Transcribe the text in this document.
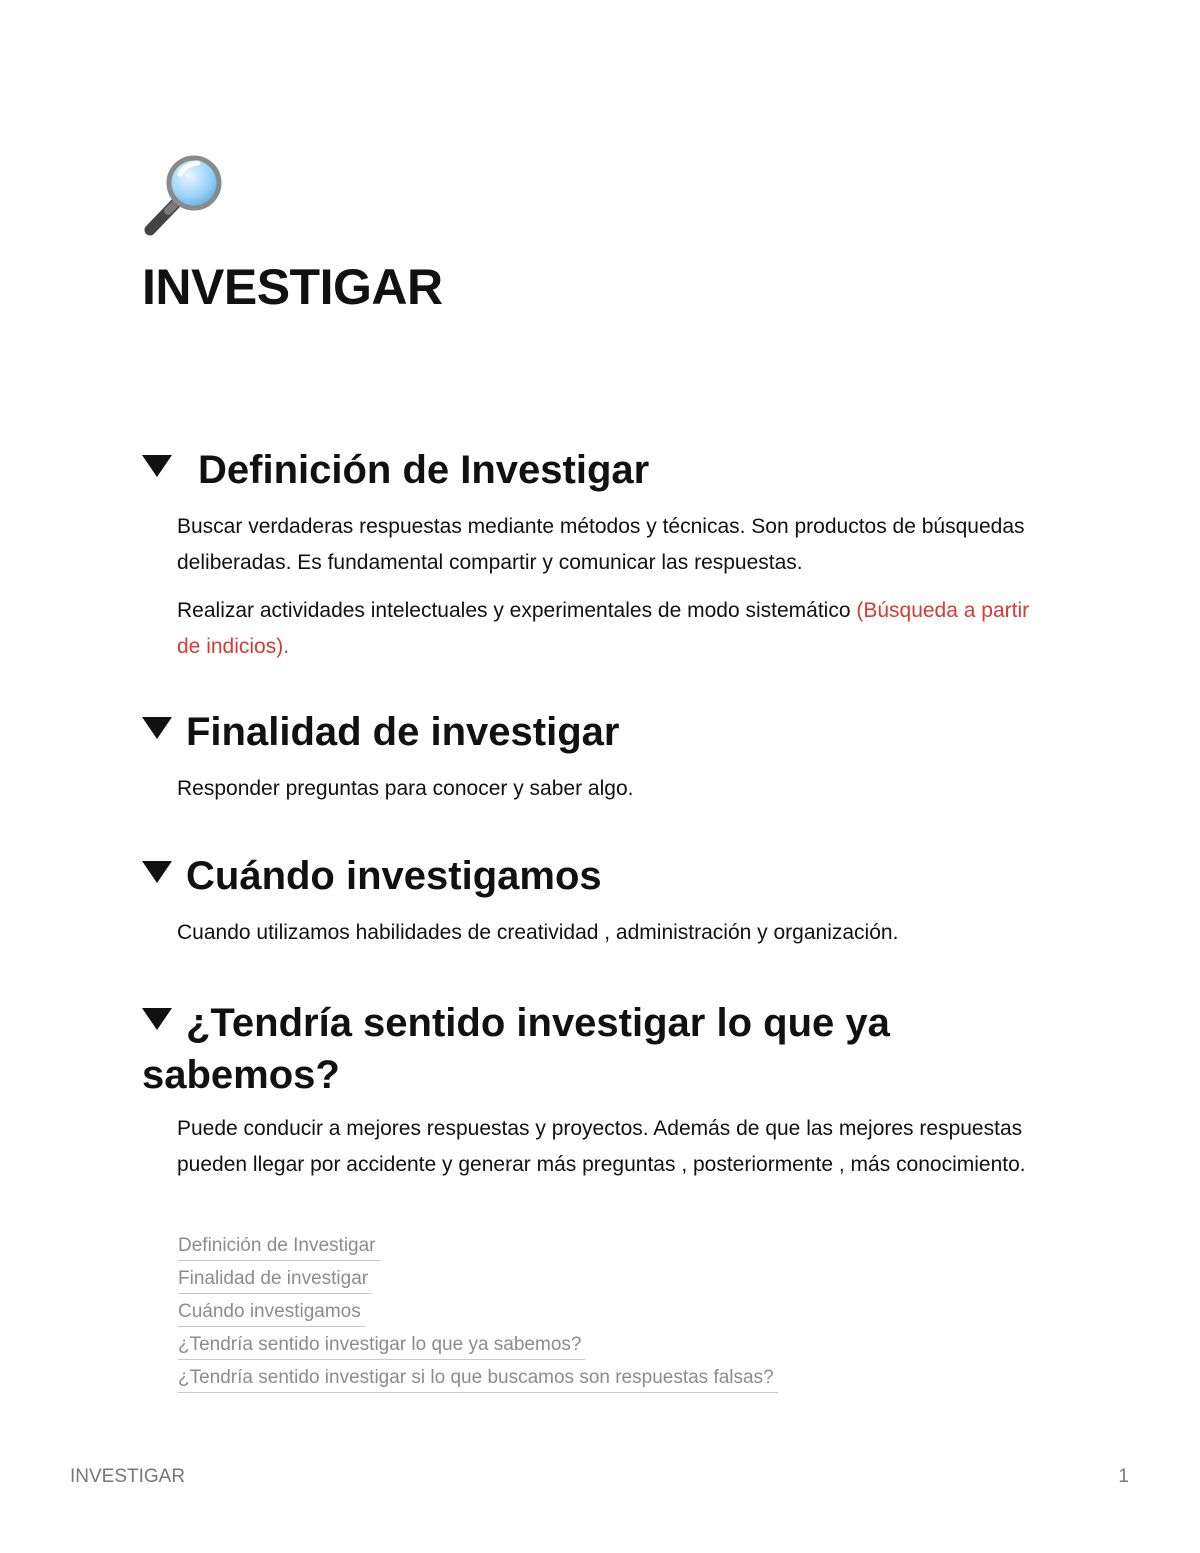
INVESTIGAR
Definición de Investigar

Buscar verdaderas respuestas mediante métodos y técnicas. Son productos de búsquedas deliberadas. Es fundamental compartir y comunicar las respuestas.

Realizar actividades intelectuales y experimentales de modo sistemático (Búsqueda a partir de indicios).

Finalidad de investigar

Responder preguntas para conocer y saber algo.

Cuándo investigamos

Cuando utilizamos habilidades de creatividad , administración y organización.

¿Tendría sentido investigar lo que ya sabemos?

Puede conducir a mejores respuestas y proyectos. Además de que las mejores respuestas pueden llegar por accidente y generar más preguntas , posteriormente , más conocimiento.

Definición de Investigar
Finalidad de investigar
Cuándo investigamos
¿Tendría sentido investigar lo que ya sabemos?
¿Tendría sentido investigar si lo que buscamos son respuestas falsas?
INVESTIGAR	1
